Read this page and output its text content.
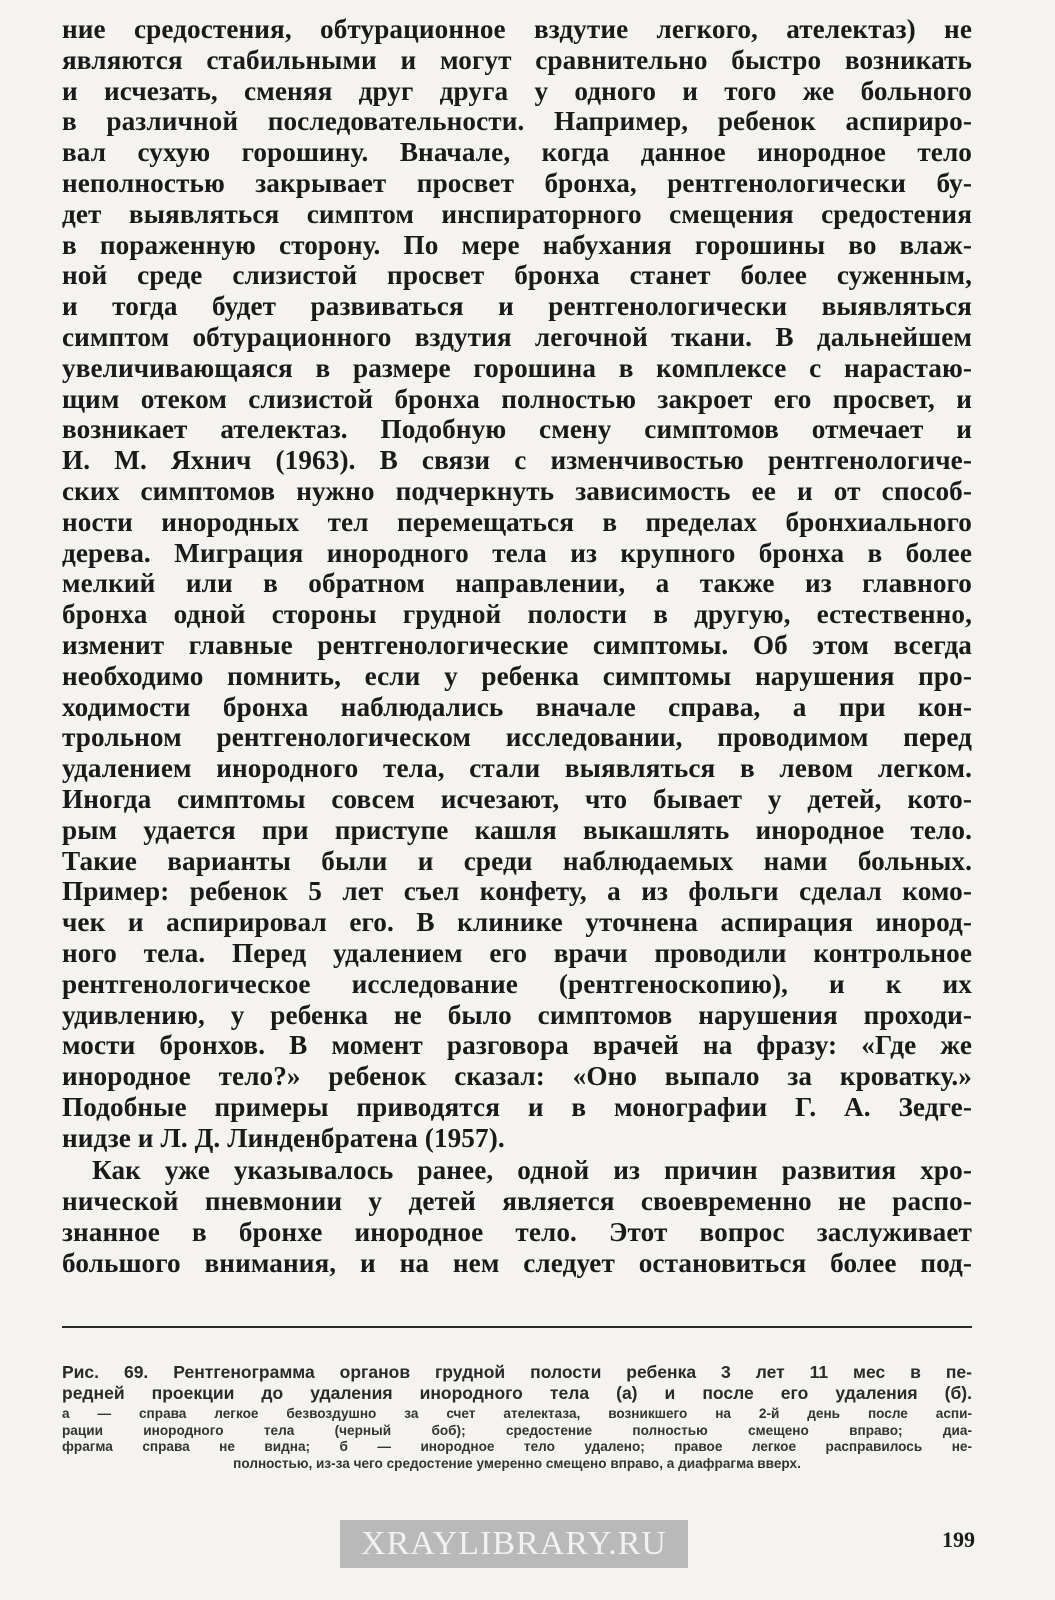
ние средостения, обтурационное вздутие легкого, ателектаз) не
являются стабильными и могут сравнительно быстро возникать
и исчезать, сменяя друг друга у одного и того же больного
в различной последовательности. Например, ребенок аспириро-
вал сухую горошину. Вначале, когда данное инородное тело
неполностью закрывает просвет бронха, рентгенологически бу-
дет выявляться симптом инспираторного смещения средостения
в пораженную сторону. По мере набухания горошины во влаж-
ной среде слизистой просвет бронха станет более суженным,
и тогда будет развиваться и рентгенологически выявляться
симптом обтурационного вздутия легочной ткани. В дальнейшем
увеличивающаяся в размере горошина в комплексе с нарастаю-
щим отеком слизистой бронха полностью закроет его просвет, и
возникает ателектаз. Подобную смену симптомов отмечает и
И. М. Яхнич (1963). В связи с изменчивостью рентгенологиче-
ских симптомов нужно подчеркнуть зависимость ее и от способ-
ности инородных тел перемещаться в пределах бронхиального
дерева. Миграция инородного тела из крупного бронха в более
мелкий или в обратном направлении, а также из главного
бронха одной стороны грудной полости в другую, естественно,
изменит главные рентгенологические симптомы. Об этом всегда
необходимо помнить, если у ребенка симптомы нарушения про-
ходимости бронха наблюдались вначале справа, а при кон-
трольном рентгенологическом исследовании, проводимом перед
удалением инородного тела, стали выявляться в левом легком.
Иногда симптомы совсем исчезают, что бывает у детей, кото-
рым удается при приступе кашля выкашлять инородное тело.
Такие варианты были и среди наблюдаемых нами больных.
Пример: ребенок 5 лет съел конфету, а из фольги сделал комо-
чек и аспирировал его. В клинике уточнена аспирация инород-
ного тела. Перед удалением его врачи проводили контрольное
рентгенологическое исследование (рентгеноскопию), и к их
удивлению, у ребенка не было симптомов нарушения проходи-
мости бронхов. В момент разговора врачей на фразу: «Где же
инородное тело?» ребенок сказал: «Оно выпало за кроватку.»
Подобные примеры приводятся и в монографии Г. А. Зедге-
нидзе и Л. Д. Линденбратена (1957).
Как уже указывалось ранее, одной из причин развития хро-
нической пневмонии у детей является своевременно не распо-
знанное в бронхе инородное тело. Этот вопрос заслуживает
большого внимания, и на нем следует остановиться более под-
Рис. 69. Рентгенограмма органов грудной полости ребенка 3 лет 11 мес в пе-
редней проекции до удаления инородного тела (а) и после его удаления (б).
а — справа легкое безвоздушно за счет ателектаза, возникшего на 2-й день после аспи-
рации инородного тела (черный боб); средостение полностью смещено вправо; диа-
фрагма справа не видна; б — инородное тело удалено; правое легкое расправилось не-
полностью, из-за чего средостение умеренно смещено вправо, а диафрагма вверх.
XRAYLIBRARY.RU	199
